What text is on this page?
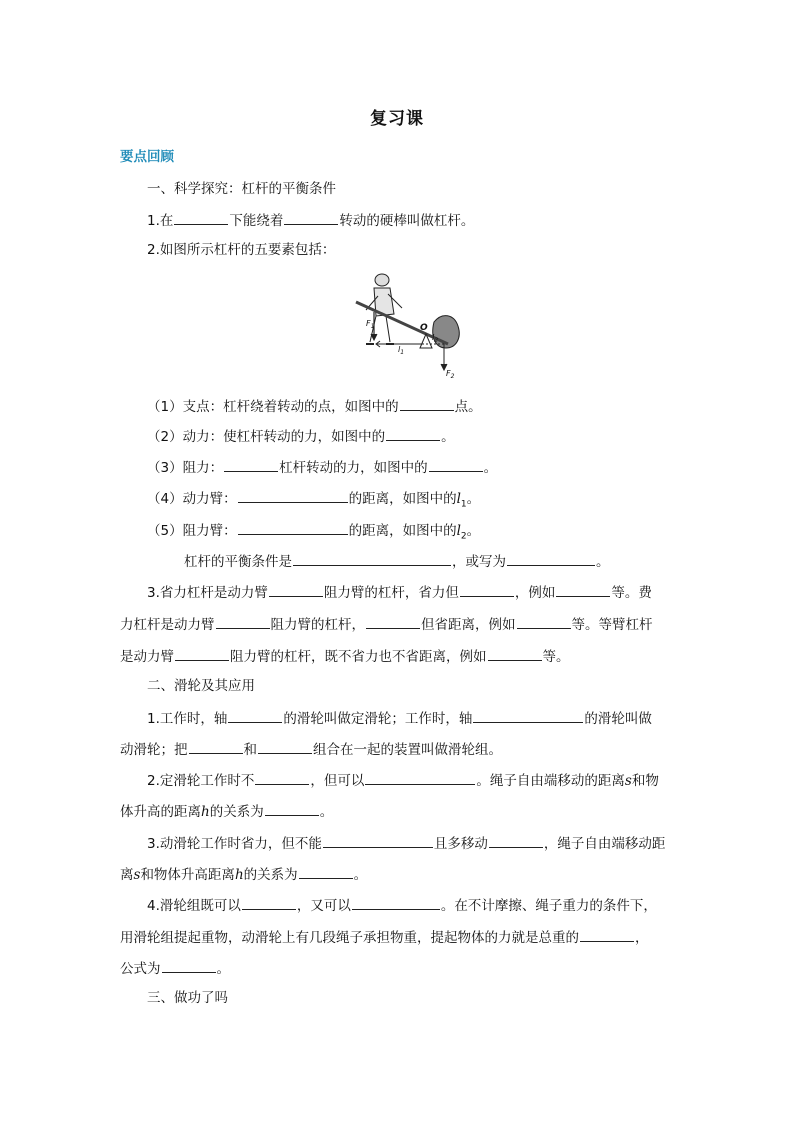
复习课
要点回顾
一、科学探究：杠杆的平衡条件
1.在	下能绕着	转动的硬棒叫做杠杆。
2.如图所示杠杆的五要素包括：
$F_1$	O
$l_1$
$l_2$
$F_2$
（1）支点：杠杆绕着转动的点，如图中的	点。
（2）动力：使杠杆转动的力，如图中的	。
（3）阻力：	杠杆转动的力，如图中的	。
（4）动力臂：	的距离，如图中的$l_1$。
（5）阻力臂：	的距离，如图中的$l_2$。
杠杆的平衡条件是	，或写为	。
3.省力杠杆是动力臂	阻力臂的杠杆，省力但	，例如	等。费
力杠杆是动力臂	阻力臂的杠杆，	但省距离，例如	等。等臂杠杆
是动力臂	阻力臂的杠杆，既不省力也不省距离，例如	等。
二、滑轮及其应用
1.工作时，轴	的滑轮叫做定滑轮；工作时，轴	的滑轮叫做
动滑轮；把	和	组合在一起的装置叫做滑轮组。
2.定滑轮工作时不	，但可以	。绳子自由端移动的距离s和物
体升高的距离h的关系为	。
3.动滑轮工作时省力，但不能	且多移动	，绳子自由端移动距
离s和物体升高距离h的关系为	。
4.滑轮组既可以	，又可以	。在不计摩擦、绳子重力的条件下，
用滑轮组提起重物，动滑轮上有几段绳子承担物重，提起物体的力就是总重的	，
公式为	。
三、做功了吗
